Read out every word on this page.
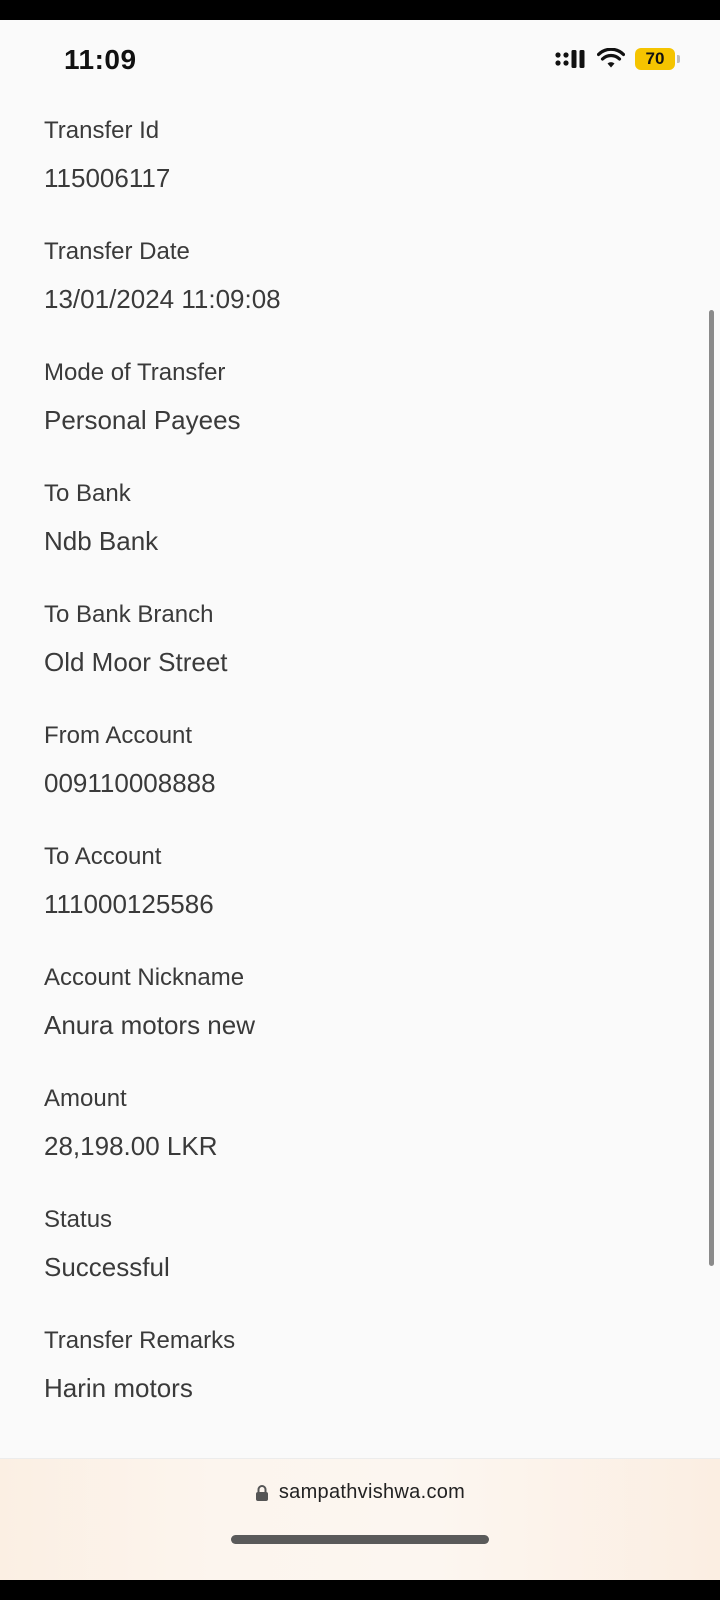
11:09	70
Transfer Id
115006117
Transfer Date
13/01/2024 11:09:08
Mode of Transfer
Personal Payees
To Bank
Ndb Bank
To Bank Branch
Old Moor Street
From Account
009110008888
To Account
111000125586
Account Nickname
Anura motors new
Amount
28,198.00 LKR
Status
Successful
Transfer Remarks
Harin motors
sampathvishwa.com
